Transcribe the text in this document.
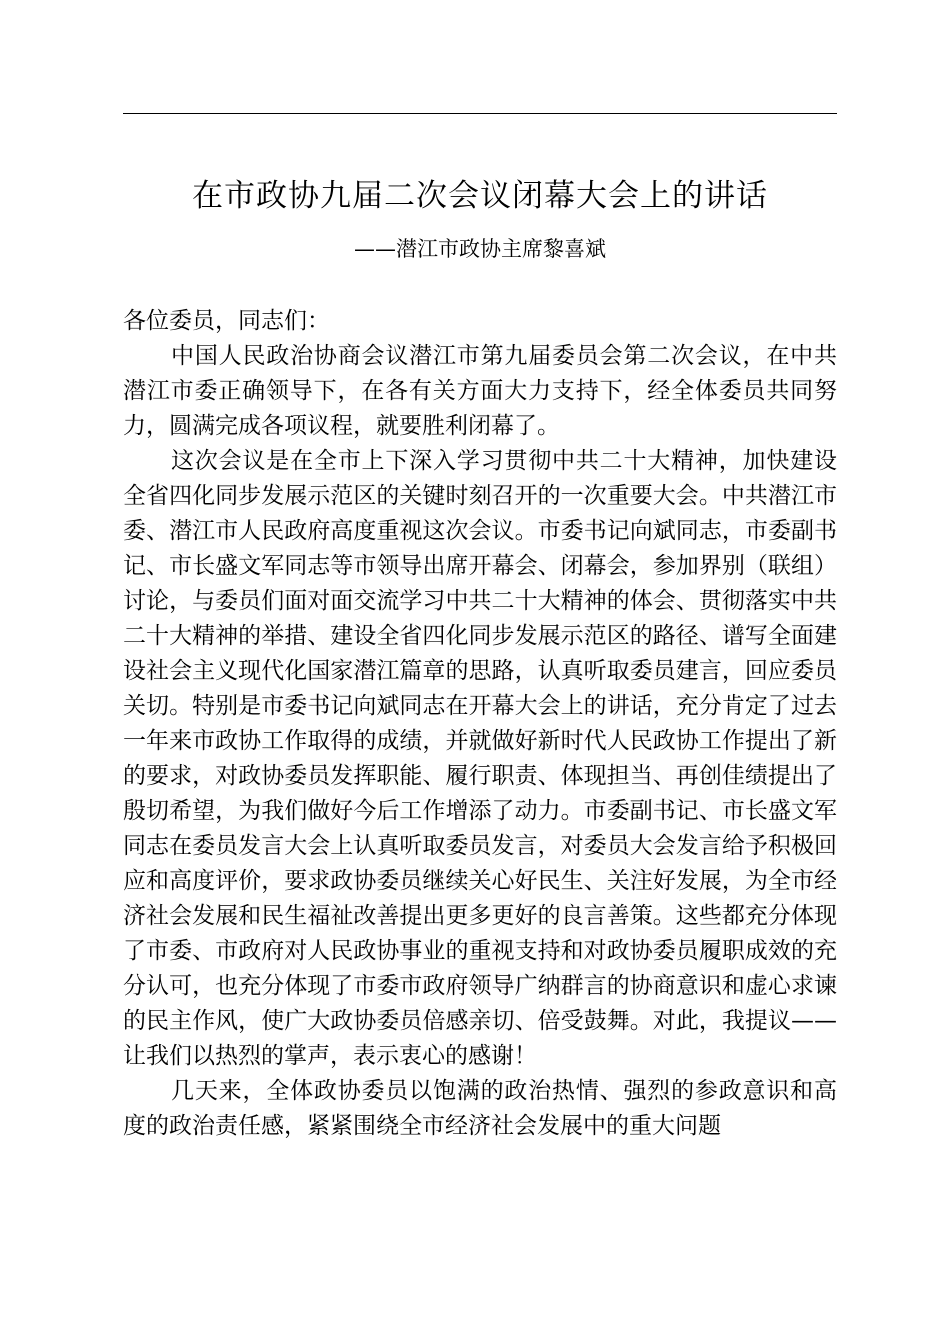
在市政协九届二次会议闭幕大会上的讲话
——潜江市政协主席黎喜斌

各位委员，同志们：

中国人民政治协商会议潜江市第九届委员会第二次会议，在中共潜江市委正确领导下，在各有关方面大力支持下，经全体委员共同努力，圆满完成各项议程，就要胜利闭幕了。

这次会议是在全市上下深入学习贯彻中共二十大精神，加快建设全省四化同步发展示范区的关键时刻召开的一次重要大会。中共潜江市委、潜江市人民政府高度重视这次会议。市委书记向斌同志，市委副书记、市长盛文军同志等市领导出席开幕会、闭幕会，参加界别（联组）讨论，与委员们面对面交流学习中共二十大精神的体会、贯彻落实中共二十大精神的举措、建设全省四化同步发展示范区的路径、谱写全面建设社会主义现代化国家潜江篇章的思路，认真听取委员建言，回应委员关切。特别是市委书记向斌同志在开幕大会上的讲话，充分肯定了过去一年来市政协工作取得的成绩，并就做好新时代人民政协工作提出了新的要求，对政协委员发挥职能、履行职责、体现担当、再创佳绩提出了殷切希望，为我们做好今后工作增添了动力。市委副书记、市长盛文军同志在委员发言大会上认真听取委员发言，对委员大会发言给予积极回应和高度评价，要求政协委员继续关心好民生、关注好发展，为全市经济社会发展和民生福祉改善提出更多更好的良言善策。这些都充分体现了市委、市政府对人民政协事业的重视支持和对政协委员履职成效的充分认可，也充分体现了市委市政府领导广纳群言的协商意识和虚心求谏的民主作风，使广大政协委员倍感亲切、倍受鼓舞。对此，我提议——让我们以热烈的掌声，表示衷心的感谢！

几天来，全体政协委员以饱满的政治热情、强烈的参政意识和高度的政治责任感，紧紧围绕全市经济社会发展中的重大问题
